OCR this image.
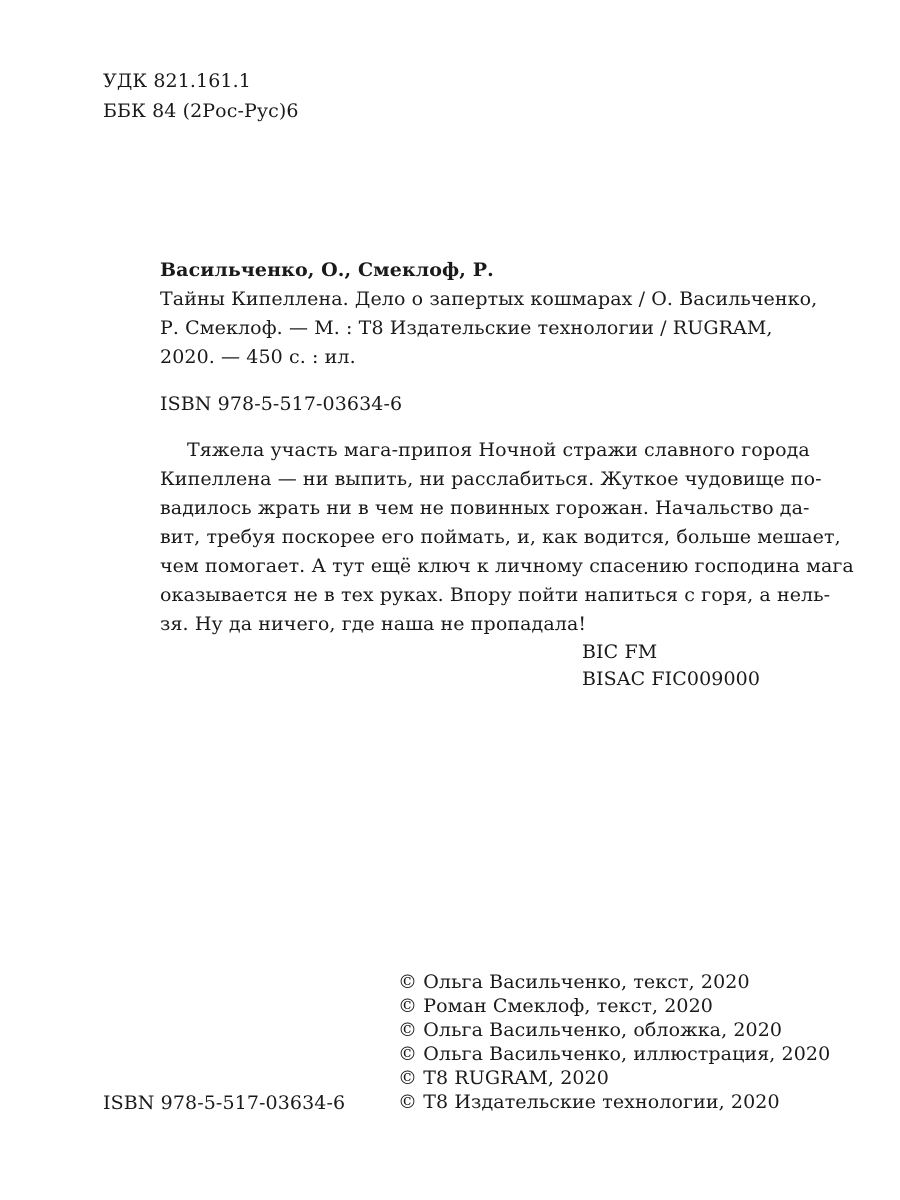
УДК 821.161.1
ББК 84 (2Рос-Рус)6
Васильченко, О., Смеклоф, Р.
Тайны Кипеллена. Дело о запертых кошмарах / О. Васильченко,
Р. Смеклоф. — М. : Т8 Издательские технологии / RUGRAM,
2020. — 450 с. : ил.
ISBN 978-5-517-03634-6
Тяжела участь мага-припоя Ночной стражи славного города
Кипеллена — ни выпить, ни расслабиться. Жуткое чудовище по-
вадилось жрать ни в чем не повинных горожан. Начальство да-
вит, требуя поскорее его поймать, и, как водится, больше мешает,
чем помогает. А тут ещё ключ к личному спасению господина мага
оказывается не в тех руках. Впору пойти напиться с горя, а нель-
зя. Ну да ничего, где наша не пропадала!
BIC FM
BISAC FIC009000
ISBN 978-5-517-03634-6
© Ольга Васильченко, текст, 2020
© Роман Смеклоф, текст, 2020
© Ольга Васильченко, обложка, 2020
© Ольга Васильченко, иллюстрация, 2020
© T8 RUGRAM, 2020
© Т8 Издательские технологии, 2020
